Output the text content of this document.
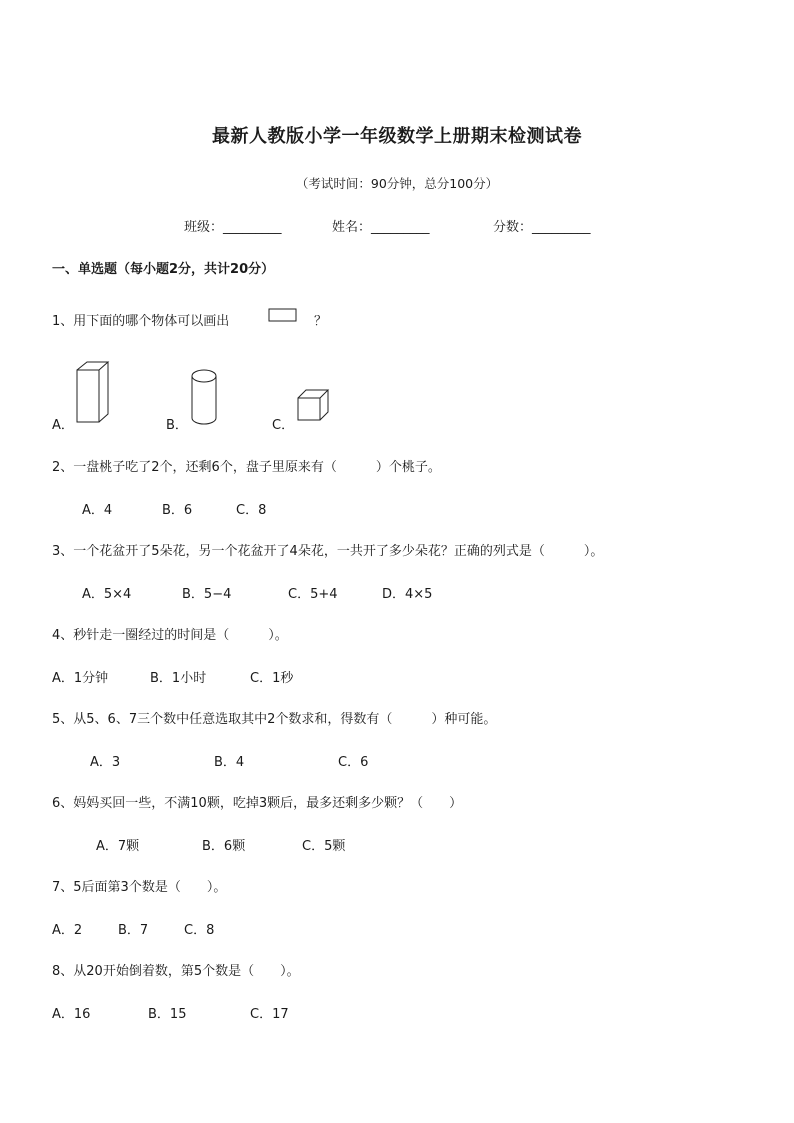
最新人教版小学一年级数学上册期末检测试卷
（考试时间：90分钟，总分100分）
班级：_________	姓名：_________	分数：_________
一、单选题（每小题2分，共计20分）
1、用下面的哪个物体可以画出	？
A．	B．	C．
2、一盘桃子吃了2个，还剩6个，盘子里原来有（　　　）个桃子。
A．4	B．6	C．8
3、一个花盆开了5朵花，另一个花盆开了4朵花，一共开了多少朵花？正确的列式是（　　　）。
A．5×4	B．5−4	C．5+4	D．4×5
4、秒针走一圈经过的时间是（　　　）。
A．1分钟	B．1小时	C．1秒
5、从5、6、7三个数中任意选取其中2个数求和，得数有（　　　）种可能。
A．3	B．4	C．6
6、妈妈买回一些，不满10颗，吃掉3颗后，最多还剩多少颗？（　　）
A．7颗	B．6颗	C．5颗
7、5后面第3个数是（　　）。
A．2	B．7	C．8
8、从20开始倒着数，第5个数是（　　）。
A．16	B．15	C．17
